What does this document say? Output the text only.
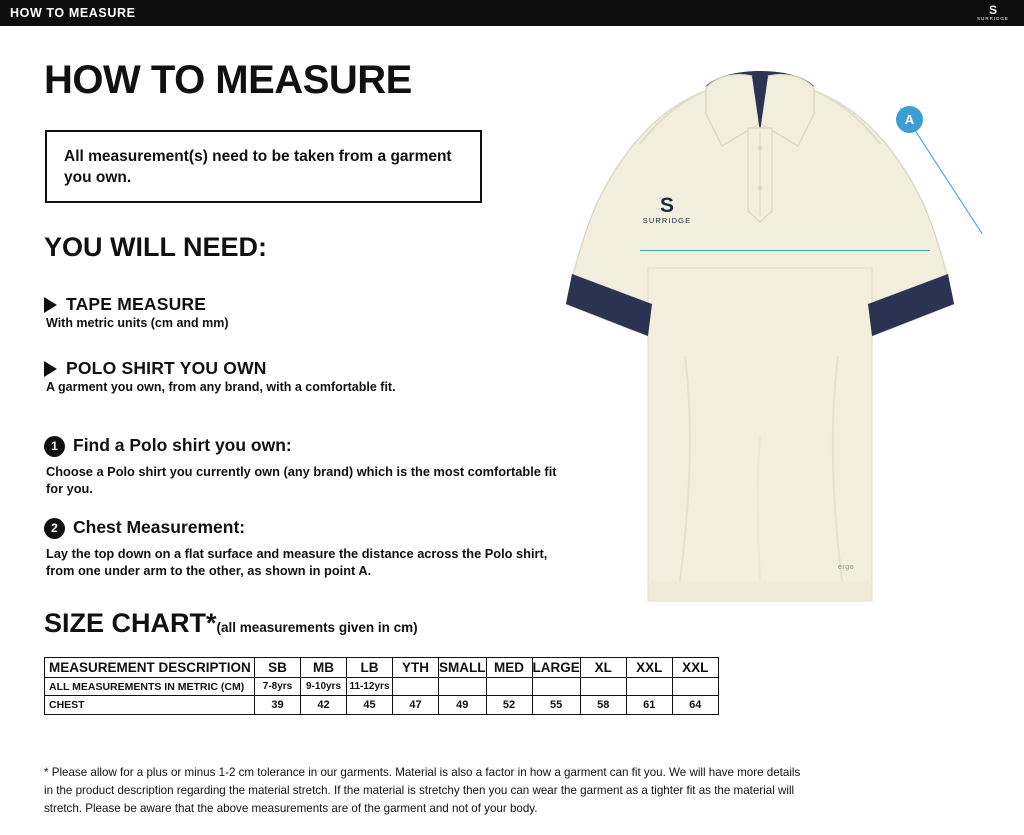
HOW TO MEASURE	S
SURRIDGE
HOW TO MEASURE

All measurement(s) need to be taken from a garment you own.

YOU WILL NEED:
TAPE MEASURE
With metric units (cm and mm)
POLO SHIRT YOU OWN
A garment you own, from any brand, with a comfortable fit.
1 Find a Polo shirt you own:
Choose a Polo shirt you currently own (any brand) which is the most comfortable fit for you.
2 Chest Measurement:
Lay the top down on a flat surface and measure the distance across the Polo shirt, from one under arm to the other, as shown in point A.
SIZE CHART*(all measurements given in cm)
MEASUREMENT DESCRIPTION	SB	MB	LB	YTH	SMALL	MED	LARGE	XL	XXL	XXL
ALL MEASUREMENTS IN METRIC (CM)	7-8yrs	9-10yrs	11-12yrs							
CHEST	39	42	45	47	49	52	55	58	61	64
* Please allow for a plus or minus 1-2 cm tolerance in our garments. Material is also a factor in how a garment can fit you. We will have more details in the product description regarding the material stretch. If the material is stretchy then you can wear the garment as a tighter fit as the material will stretch. Please be aware that the above measurements are of the garment and not of your body.
S
SURRIDGE
ergo
A
